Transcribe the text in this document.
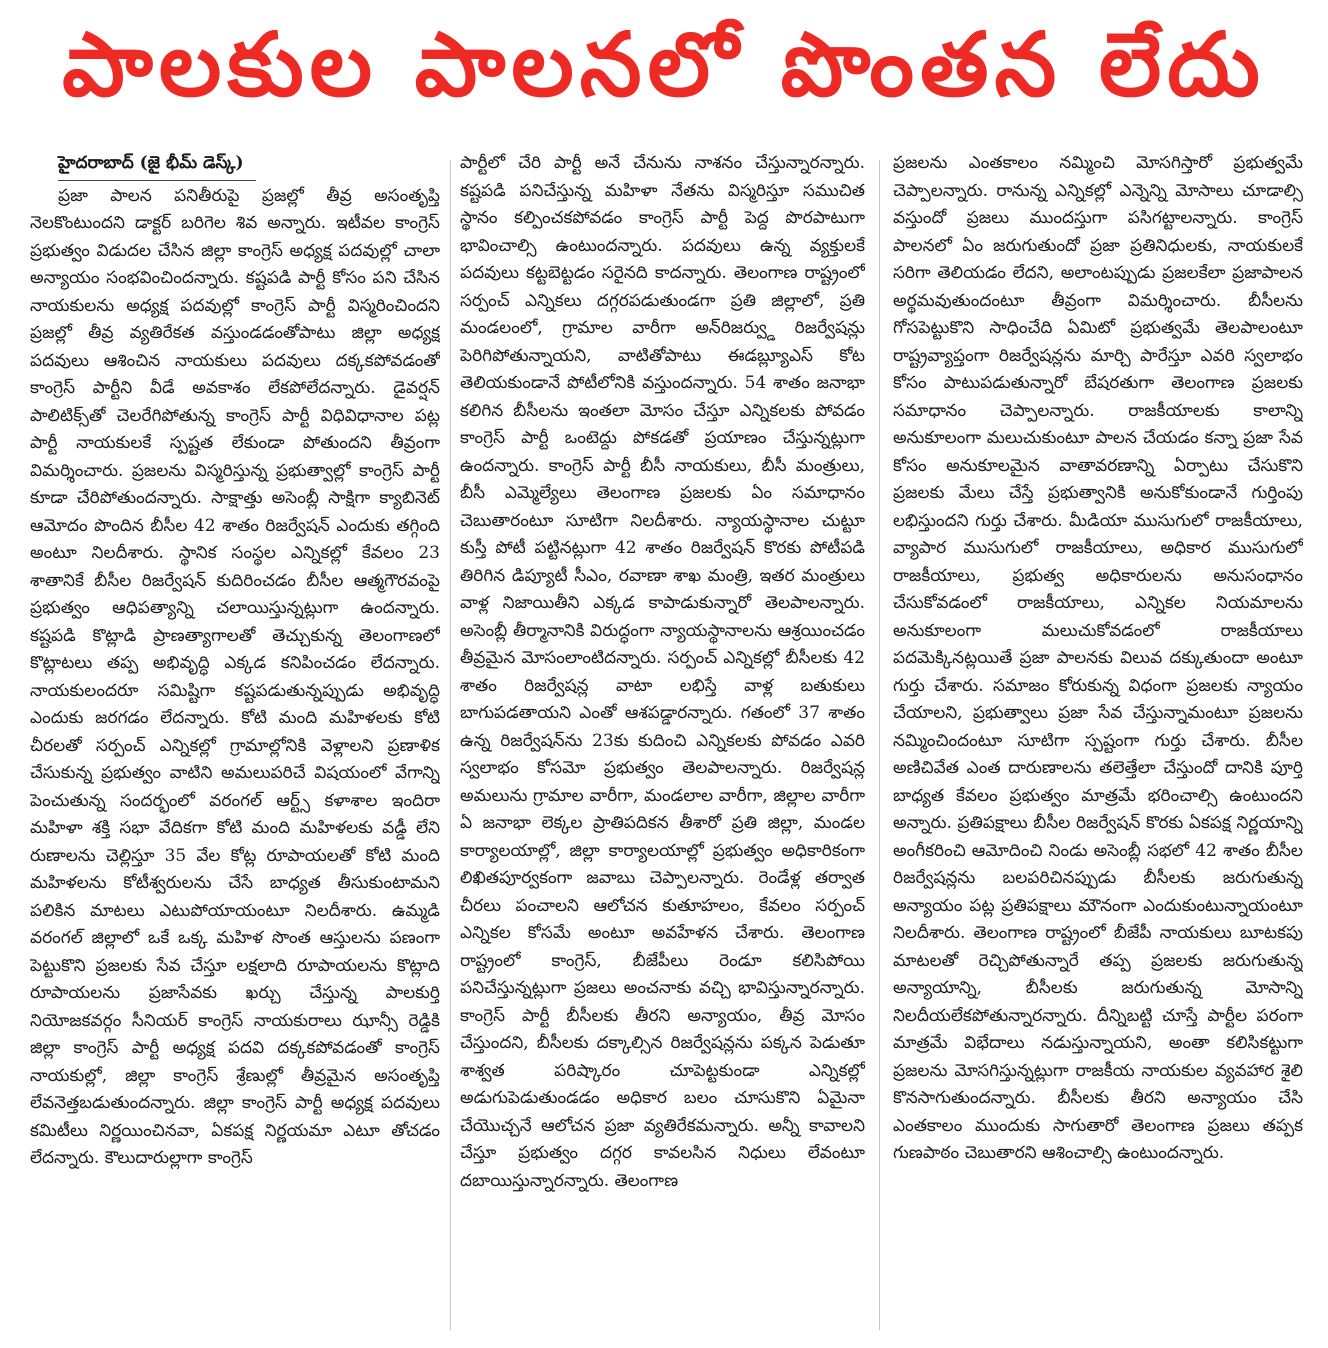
పాలకుల పాలనలో పొంతన లేదు
హైదరాబాద్ (జై భీమ్ డెస్క్)

ప్రజా పాలన పనితీరుపై ప్రజల్లో తీవ్ర అసంతృప్తి నెలకొంటుందని డాక్టర్ బరిగెల శివ అన్నారు. ఇటీవల కాంగ్రెస్ ప్రభుత్వం విడుదల చేసిన జిల్లా కాంగ్రెస్ అధ్యక్ష పదవుల్లో చాలా అన్యాయం సంభవించిందన్నారు. కష్టపడి పార్టీ కోసం పని చేసిన నాయకులను అధ్యక్ష పదవుల్లో కాంగ్రెస్ పార్టీ విస్మరించిందని ప్రజల్లో తీవ్ర వ్యతిరేకత వస్తుండడంతోపాటు జిల్లా అధ్యక్ష పదవులు ఆశించిన నాయకులు పదవులు దక్కకపోవడంతో కాంగ్రెస్ పార్టీని వీడే అవకాశం లేకపోలేదన్నారు. డైవర్షన్ పాలిటిక్స్‌తో చెలరేగిపోతున్న కాంగ్రెస్ పార్టీ విధివిధానాల పట్ల పార్టీ నాయకులకే స్పష్టత లేకుండా పోతుందని తీవ్రంగా విమర్శించారు. ప్రజలను విస్మరిస్తున్న ప్రభుత్వాల్లో కాంగ్రెస్ పార్టీ కూడా చేరిపోతుందన్నారు. సాక్షాత్తు అసెంబ్లీ సాక్షిగా క్యాబినెట్ ఆమోదం పొందిన బీసీల 42 శాతం రిజర్వేషన్ ఎందుకు తగ్గింది అంటూ నిలదీశారు. స్థానిక సంస్థల ఎన్నికల్లో కేవలం 23 శాతానికే బీసీల రిజర్వేషన్ కుదిరించడం బీసీల ఆత్మగౌరవంపై ప్రభుత్వం ఆధిపత్యాన్ని చలాయిస్తున్నట్లుగా ఉందన్నారు. కష్టపడి కొట్లాడి ప్రాణత్యాగాలతో తెచ్చుకున్న తెలంగాణలో కొట్లాటలు తప్ప అభివృద్ధి ఎక్కడ కనిపించడం లేదన్నారు. నాయకులందరూ సమిష్టిగా కష్టపడుతున్నప్పుడు అభివృద్ధి ఎందుకు జరగడం లేదన్నారు. కోటి మంది మహిళలకు కోటి చీరలతో సర్పంచ్ ఎన్నికల్లో గ్రామాల్లోనికి వెళ్లాలని ప్రణాళిక చేసుకున్న ప్రభుత్వం వాటిని అమలుపరిచే విషయంలో వేగాన్ని పెంచుతున్న సందర్భంలో వరంగల్ ఆర్ట్స్ కళాశాల ఇందిరా మహిళా శక్తి సభా వేదికగా కోటి మంది మహిళలకు వడ్డీ లేని రుణాలను చెల్లిస్తూ 35 వేల కోట్ల రూపాయలతో కోటి మంది మహిళలను కోటీశ్వరులను చేసే బాధ్యత తీసుకుంటామని పలికిన మాటలు ఎటుపోయాయంటూ నిలదీశారు. ఉమ్మడి వరంగల్ జిల్లాలో ఒకే ఒక్క మహిళ సొంత ఆస్తులను పణంగా పెట్టుకొని ప్రజలకు సేవ చేస్తూ లక్షలాది రూపాయలను కొట్లాది రూపాయలను ప్రజాసేవకు ఖర్చు చేస్తున్న పాలకుర్తి నియోజకవర్గం సీనియర్ కాంగ్రెస్ నాయకురాలు ఝాన్సీ రెడ్డికి జిల్లా కాంగ్రెస్ పార్టీ అధ్యక్ష పదవి దక్కకపోవడంతో కాంగ్రెస్ నాయకుల్లో, జిల్లా కాంగ్రెస్ శ్రేణుల్లో తీవ్రమైన అసంతృప్తి లేవనెత్తబడుతుందన్నారు. జిల్లా కాంగ్రెస్ పార్టీ అధ్యక్ష పదవులు కమిటీలు నిర్ణయించినవా, ఏకపక్ష నిర్ణయమా ఎటూ తోచడం లేదన్నారు. కౌలుదారుల్లాగా కాంగ్రెస్

పార్టీలో చేరి పార్టీ అనే చేనును నాశనం చేస్తున్నారన్నారు. కష్టపడి పనిచేస్తున్న మహిళా నేతను విస్మరిస్తూ సముచిత స్థానం కల్పించకపోవడం కాంగ్రెస్ పార్టీ పెద్ద పొరపాటుగా భావించాల్సి ఉంటుందన్నారు. పదవులు ఉన్న వ్యక్తులకే పదవులు కట్టబెట్టడం సరైనది కాదన్నారు. తెలంగాణ రాష్ట్రంలో సర్పంచ్ ఎన్నికలు దగ్గరపడుతుండగా ప్రతి జిల్లాలో, ప్రతి మండలంలో, గ్రామాల వారీగా అన్‌రిజర్వ్డు రిజర్వేషన్లు పెరిగిపోతున్నాయని, వాటితోపాటు ఈడబ్ల్యూఎస్ కోట తెలియకుండానే పోటీలోనికి వస్తుందన్నారు. 54 శాతం జనాభా కలిగిన బీసీలను ఇంతలా మోసం చేస్తూ ఎన్నికలకు పోవడం కాంగ్రెస్ పార్టీ ఒంటెద్దు పోకడతో ప్రయాణం చేస్తున్నట్లుగా ఉందన్నారు. కాంగ్రెస్ పార్టీ బీసీ నాయకులు, బీసీ మంత్రులు, బీసీ ఎమ్మెల్యేలు తెలంగాణ ప్రజలకు ఏం సమాధానం చెబుతారంటూ సూటిగా నిలదీశారు. న్యాయస్థానాల చుట్టూ కుస్తీ పోటీ పట్టినట్లుగా 42 శాతం రిజర్వేషన్ కొరకు పోటీపడి తిరిగిన డిప్యూటీ సీఎం, రవాణా శాఖ మంత్రి, ఇతర మంత్రులు వాళ్ల నిజాయితీని ఎక్కడ కాపాడుకున్నారో తెలపాలన్నారు. అసెంబ్లీ తీర్మానానికి విరుద్ధంగా న్యాయస్థానాలను ఆశ్రయించడం తీవ్రమైన మోసంలాంటిదన్నారు. సర్పంచ్ ఎన్నికల్లో బీసీలకు 42 శాతం రిజర్వేషన్ల వాటా లభిస్తే వాళ్ల బతుకులు బాగుపడతాయని ఎంతో ఆశపడ్డారన్నారు. గతంలో 37 శాతం ఉన్న రిజర్వేషన్‌ను 23కు కుదించి ఎన్నికలకు పోవడం ఎవరి స్వలాభం కోసమో ప్రభుత్వం తెలపాలన్నారు. రిజర్వేషన్ల అమలును గ్రామాల వారీగా, మండలాల వారీగా, జిల్లాల వారీగా ఏ జనాభా లెక్కల ప్రాతిపదికన తీశారో ప్రతి జిల్లా, మండల కార్యాలయాల్లో, జిల్లా కార్యాలయాల్లో ప్రభుత్వం అధికారికంగా లిఖితపూర్వకంగా జవాబు చెప్పాలన్నారు. రెండేళ్ల తర్వాత చీరలు పంచాలని ఆలోచన కుతూహలం, కేవలం సర్పంచ్ ఎన్నికల కోసమే అంటూ అవహేళన చేశారు. తెలంగాణ రాష్ట్రంలో కాంగ్రెస్, బీజేపీలు రెండూ కలిసిపోయి పనిచేస్తున్నట్లుగా ప్రజలు అంచనాకు వచ్చి భావిస్తున్నారన్నారు. కాంగ్రెస్ పార్టీ బీసీలకు తీరని అన్యాయం, తీవ్ర మోసం చేస్తుందని, బీసీలకు దక్కాల్సిన రిజర్వేషన్లను పక్కన పెడుతూ శాశ్వత పరిష్కారం చూపెట్టకుండా ఎన్నికల్లో అడుగుపెడుతుండడం అధికార బలం చూసుకొని ఏమైనా చేయొచ్చనే ఆలోచన ప్రజా వ్యతిరేకమన్నారు. అన్నీ కావాలని చేస్తూ ప్రభుత్వం దగ్గర కావలసిన నిధులు లేవంటూ దబాయిస్తున్నారన్నారు. తెలంగాణ

ప్రజలను ఎంతకాలం నమ్మించి మోసగిస్తారో ప్రభుత్వమే చెప్పాలన్నారు. రానున్న ఎన్నికల్లో ఎన్నెన్ని మోసాలు చూడాల్సి వస్తుందో ప్రజలు ముందస్తుగా పసిగట్టాలన్నారు. కాంగ్రెస్ పాలనలో ఏం జరుగుతుందో ప్రజా ప్రతినిధులకు, నాయకులకే సరిగా తెలియడం లేదని, అలాంటప్పుడు ప్రజలకేలా ప్రజాపాలన అర్థమవుతుందంటూ తీవ్రంగా విమర్శించారు. బీసీలను గోసపెట్టుకొని సాధించేది ఏమిటో ప్రభుత్వమే తెలపాలంటూ రాష్ట్రవ్యాప్తంగా రిజర్వేషన్లను మార్చి పారేస్తూ ఎవరి స్వలాభం కోసం పాటుపడుతున్నారో బేషరతుగా తెలంగాణ ప్రజలకు సమాధానం చెప్పాలన్నారు. రాజకీయాలకు కాలాన్ని అనుకూలంగా మలుచుకుంటూ పాలన చేయడం కన్నా ప్రజా సేవ కోసం అనుకూలమైన వాతావరణాన్ని ఏర్పాటు చేసుకొని ప్రజలకు మేలు చేస్తే ప్రభుత్వానికి అనుకోకుండానే గుర్తింపు లభిస్తుందని గుర్తు చేశారు. మీడియా ముసుగులో రాజకీయాలు, వ్యాపార ముసుగులో రాజకీయాలు, అధికార ముసుగులో రాజకీయాలు, ప్రభుత్వ అధికారులను అనుసంధానం చేసుకోవడంలో రాజకీయాలు, ఎన్నికల నియమాలను అనుకూలంగా మలుచుకోవడంలో రాజకీయాలు పదమెక్కినట్లయితే ప్రజా పాలనకు విలువ దక్కుతుందా అంటూ గుర్తు చేశారు. సమాజం కోరుకున్న విధంగా ప్రజలకు న్యాయం చేయాలని, ప్రభుత్వాలు ప్రజా సేవ చేస్తున్నామంటూ ప్రజలను నమ్మించిందంటూ సూటిగా స్పష్టంగా గుర్తు చేశారు. బీసీల అణిచివేత ఎంత దారుణాలను తలెత్తేలా చేస్తుందో దానికి పూర్తి బాధ్యత కేవలం ప్రభుత్వం మాత్రమే భరించాల్సి ఉంటుందని అన్నారు. ప్రతిపక్షాలు బీసీల రిజర్వేషన్ కొరకు ఏకపక్ష నిర్ణయాన్ని అంగీకరించి ఆమోదించి నిండు అసెంబ్లీ సభలో 42 శాతం బీసీల రిజర్వేషన్లను బలపరిచినప్పుడు బీసీలకు జరుగుతున్న అన్యాయం పట్ల ప్రతిపక్షాలు మౌనంగా ఎందుకుంటున్నాయంటూ నిలదీశారు. తెలంగాణ రాష్ట్రంలో బీజేపీ నాయకులు బూటకపు మాటలతో రెచ్చిపోతున్నారే తప్ప ప్రజలకు జరుగుతున్న అన్యాయాన్ని, బీసీలకు జరుగుతున్న మోసాన్ని నిలదీయలేకపోతున్నారన్నారు. దీన్నిబట్టి చూస్తే పార్టీల పరంగా మాత్రమే విభేదాలు నడుస్తున్నాయని, అంతా కలిసికట్టుగా ప్రజలను మోసగిస్తున్నట్లుగా రాజకీయ నాయకుల వ్యవహార శైలి కొనసాగుతుందన్నారు. బీసీలకు తీరని అన్యాయం చేసి ఎంతకాలం ముందుకు సాగుతారో తెలంగాణ ప్రజలు తప్పక గుణపాఠం చెబుతారని ఆశించాల్సి ఉంటుందన్నారు.
